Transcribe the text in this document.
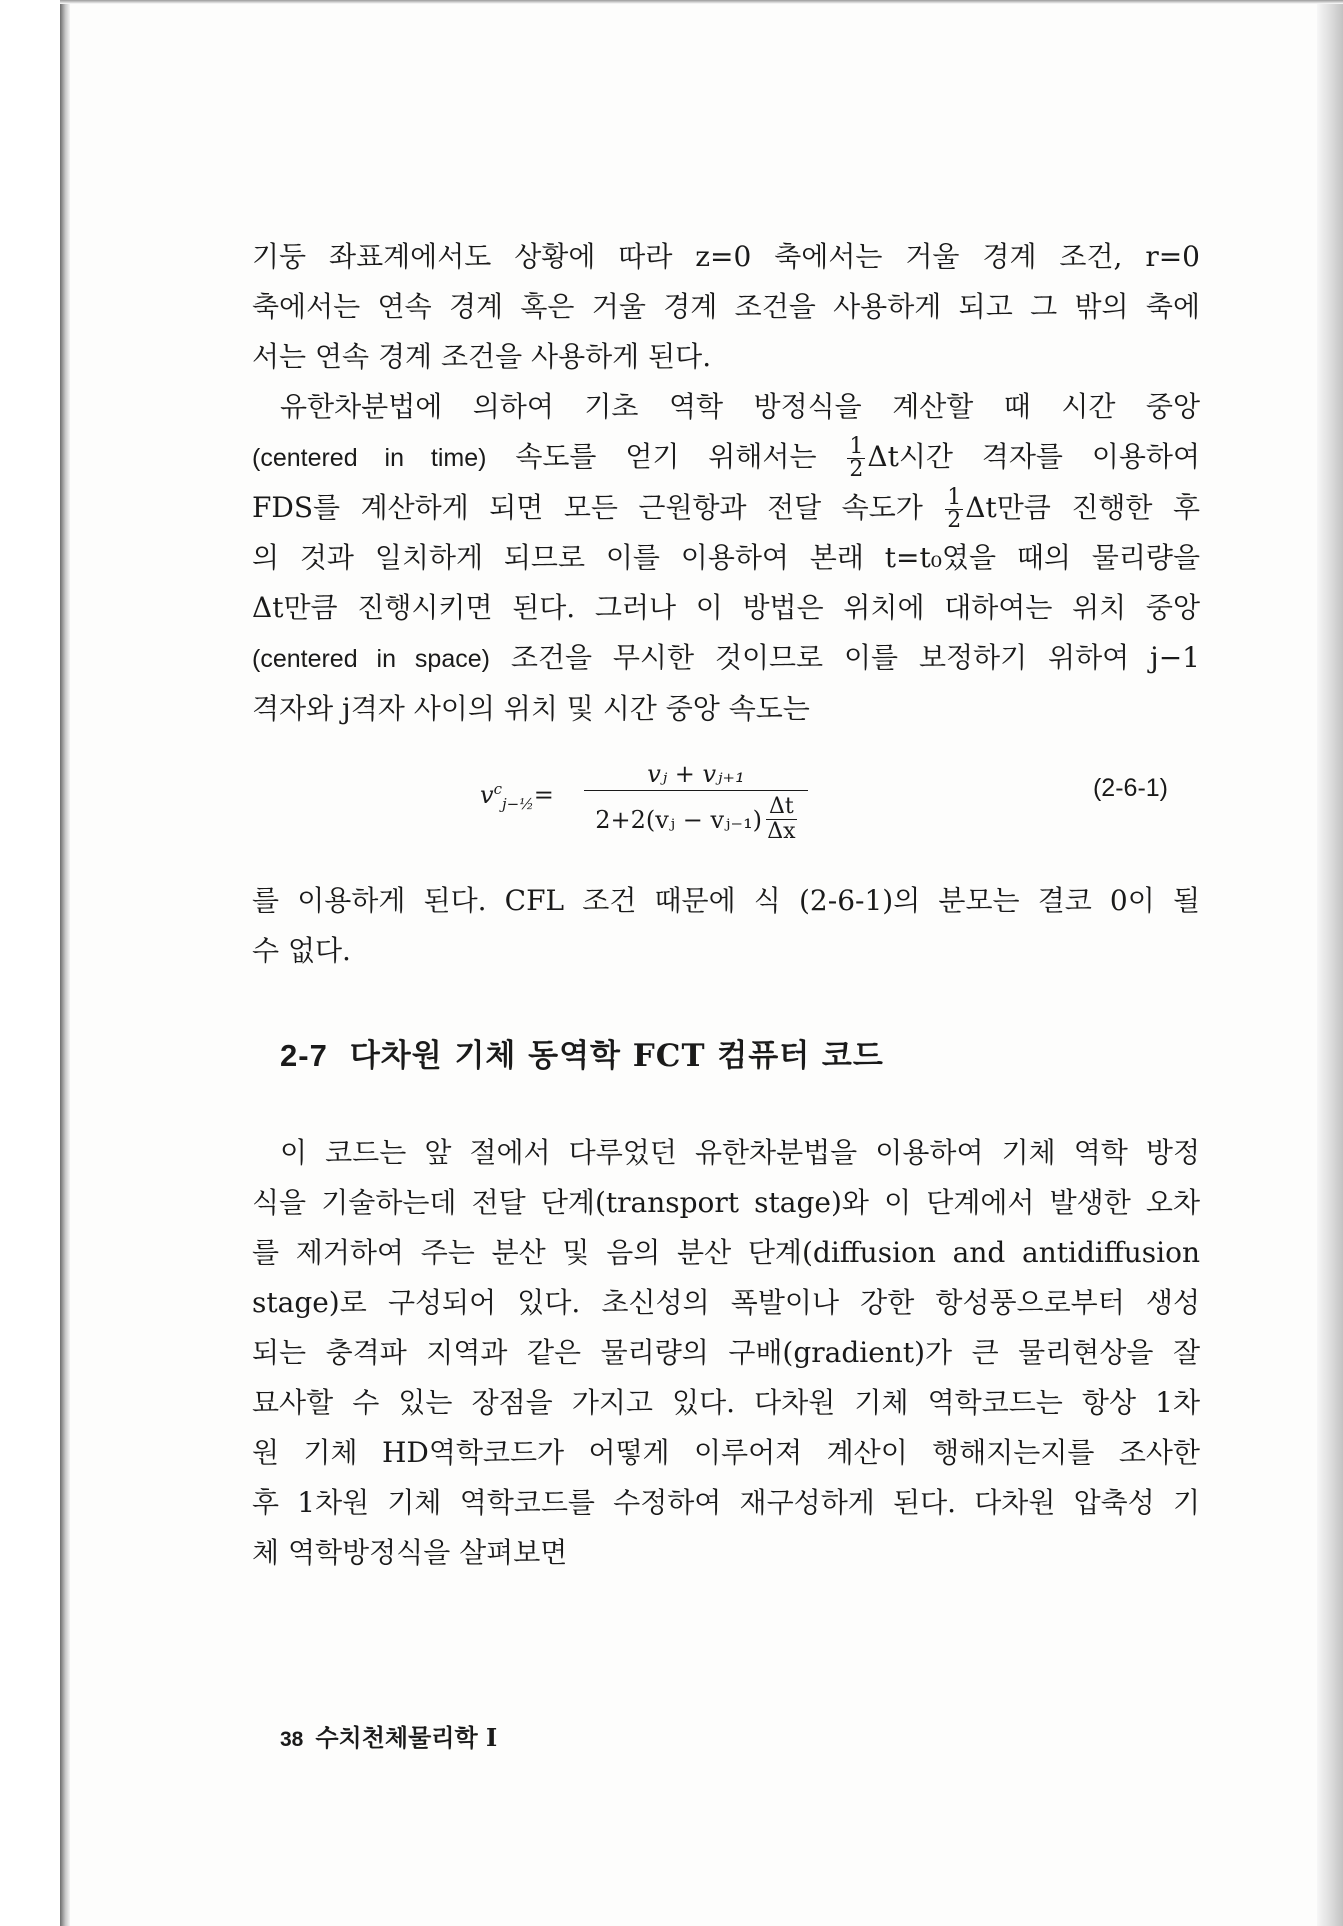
기둥 좌표계에서도 상황에 따라 z=0 축에서는 거울 경계 조건, r=0
축에서는 연속 경계 혹은 거울 경계 조건을 사용하게 되고 그 밖의 축에
서는 연속 경계 조건을 사용하게 된다.
유한차분법에 의하여 기초 역학 방정식을 계산할 때 시간 중앙
(centered in time) 속도를 얻기 위해서는 $\frac{1}{2}$ Δt시간 격자를 이용하여
FDS를 계산하게 되면 모든 근원항과 전달 속도가 $\frac{1}{2}$ Δt만큼 진행한 후
의 것과 일치하게 되므로 이를 이용하여 본래 t=t₀였을 때의 물리량을
Δt만큼 진행시키면 된다. 그러나 이 방법은 위치에 대하여는 위치 중앙
(centered in space) 조건을 무시한 것이므로 이를 보정하기 위하여 j−1
격자와 j격자 사이의 위치 및 시간 중앙 속도는
$v^c_{j-\frac{1}{2}}= \frac{\text{vⱼ + vⱼ₊₁}}{2+2(vⱼ - vⱼ_{-1}) \frac{\Delta t}{\Delta x}}$	(2-6-1)
를 이용하게 된다. CFL 조건 때문에 식 (2-6-1)의 분모는 결코 0이 될
수 없다.
2-7 다차원 기체 동역학 FCT 컴퓨터 코드
이 코드는 앞 절에서 다루었던 유한차분법을 이용하여 기체 역학 방정
식을 기술하는데 전달 단계(transport stage)와 이 단계에서 발생한 오차
를 제거하여 주는 분산 및 음의 분산 단계(diffusion and antidiffusion
stage)로 구성되어 있다. 초신성의 폭발이나 강한 항성풍으로부터 생성
되는 충격파 지역과 같은 물리량의 구배(gradient)가 큰 물리현상을 잘
묘사할 수 있는 장점을 가지고 있다. 다차원 기체 역학코드는 항상 1차
원 기체 HD역학코드가 어떻게 이루어져 계산이 행해지는지를 조사한
후 1차원 기체 역학코드를 수정하여 재구성하게 된다. 다차원 압축성 기
체 역학방정식을 살펴보면
38 수치천체물리학 I
